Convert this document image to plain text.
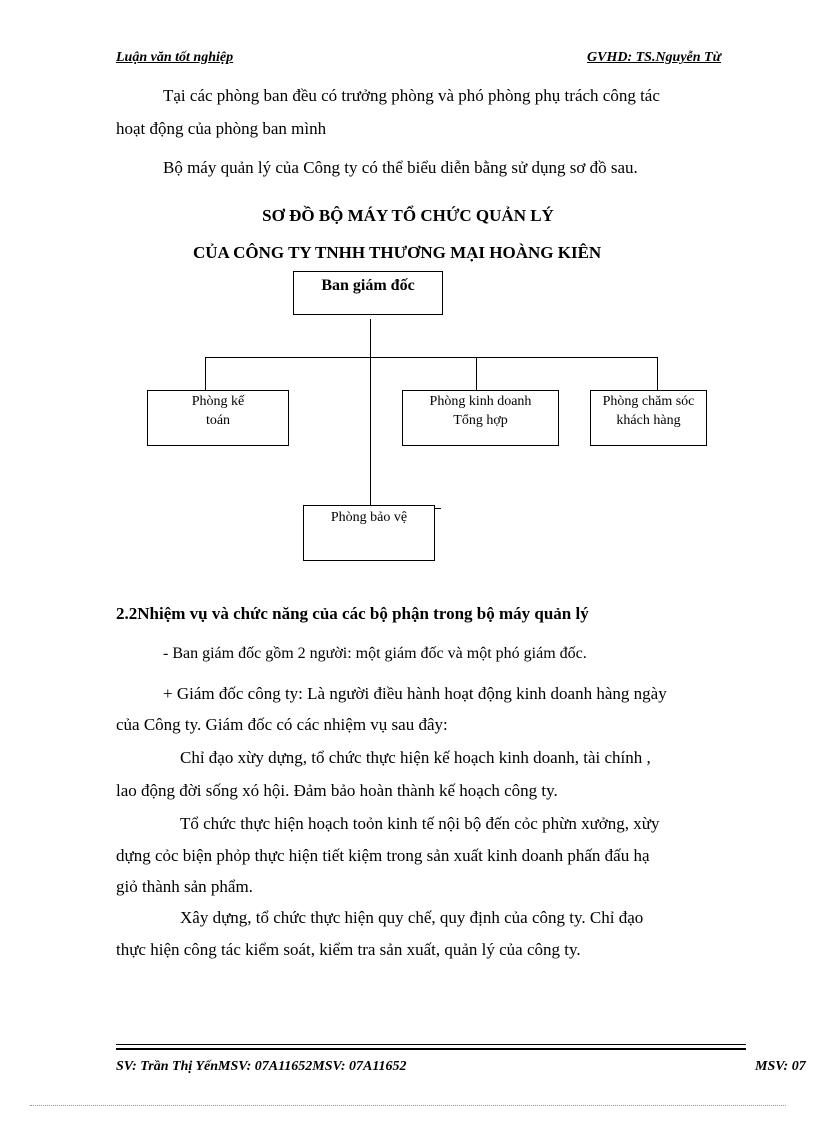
Luận văn tốt nghiệp	GVHD: TS.Nguyễn Từ
Tại các phòng ban đều có trưởng phòng và phó phòng phụ trách công tác
hoạt động của phòng ban mình
Bộ máy quản lý của Công ty có thể biểu diễn bằng sử dụng sơ đồ sau.
SƠ ĐỒ BỘ MÁY TỔ CHỨC QUẢN LÝ
CỦA CÔNG TY TNHH THƯƠNG MẠI HOÀNG KIÊN
Ban giám đốc
Phòng kế
toán
Phòng kinh doanh
Tổng hợp
Phòng chăm sóc
khách hàng
Phòng bảo vệ
2.2Nhiệm vụ và chức năng của các bộ phận trong bộ máy quản lý
- Ban giám đốc gồm 2 người: một giám đốc và một phó giám đốc.
+ Giám đốc công ty: Là người điều hành hoạt động kinh doanh hàng ngày
của Công ty. Giám đốc có các nhiệm vụ sau đây:
Chỉ đạo xừy dựng, tổ chức thực hiện kế hoạch kinh doanh, tài chính ,
lao động đời sống xó hội. Đảm bảo hoàn thành kế hoạch công ty.
Tổ chức thực hiện hoạch toỏn kinh tế nội bộ đến cỏc phừn xưởng, xừy
dựng cỏc biện phỏp thực hiện tiết kiệm trong sản xuất kinh doanh phấn đấu hạ
giỏ thành sản phẩm.
Xây dựng, tổ chức thực hiện quy chế, quy định của công ty. Chỉ đạo
thực hiện công tác kiểm soát, kiểm tra sản xuất, quản lý của công ty.
SV: Trần Thị YếnMSV: 07A11652MSV: 07A11652	MSV: 07
